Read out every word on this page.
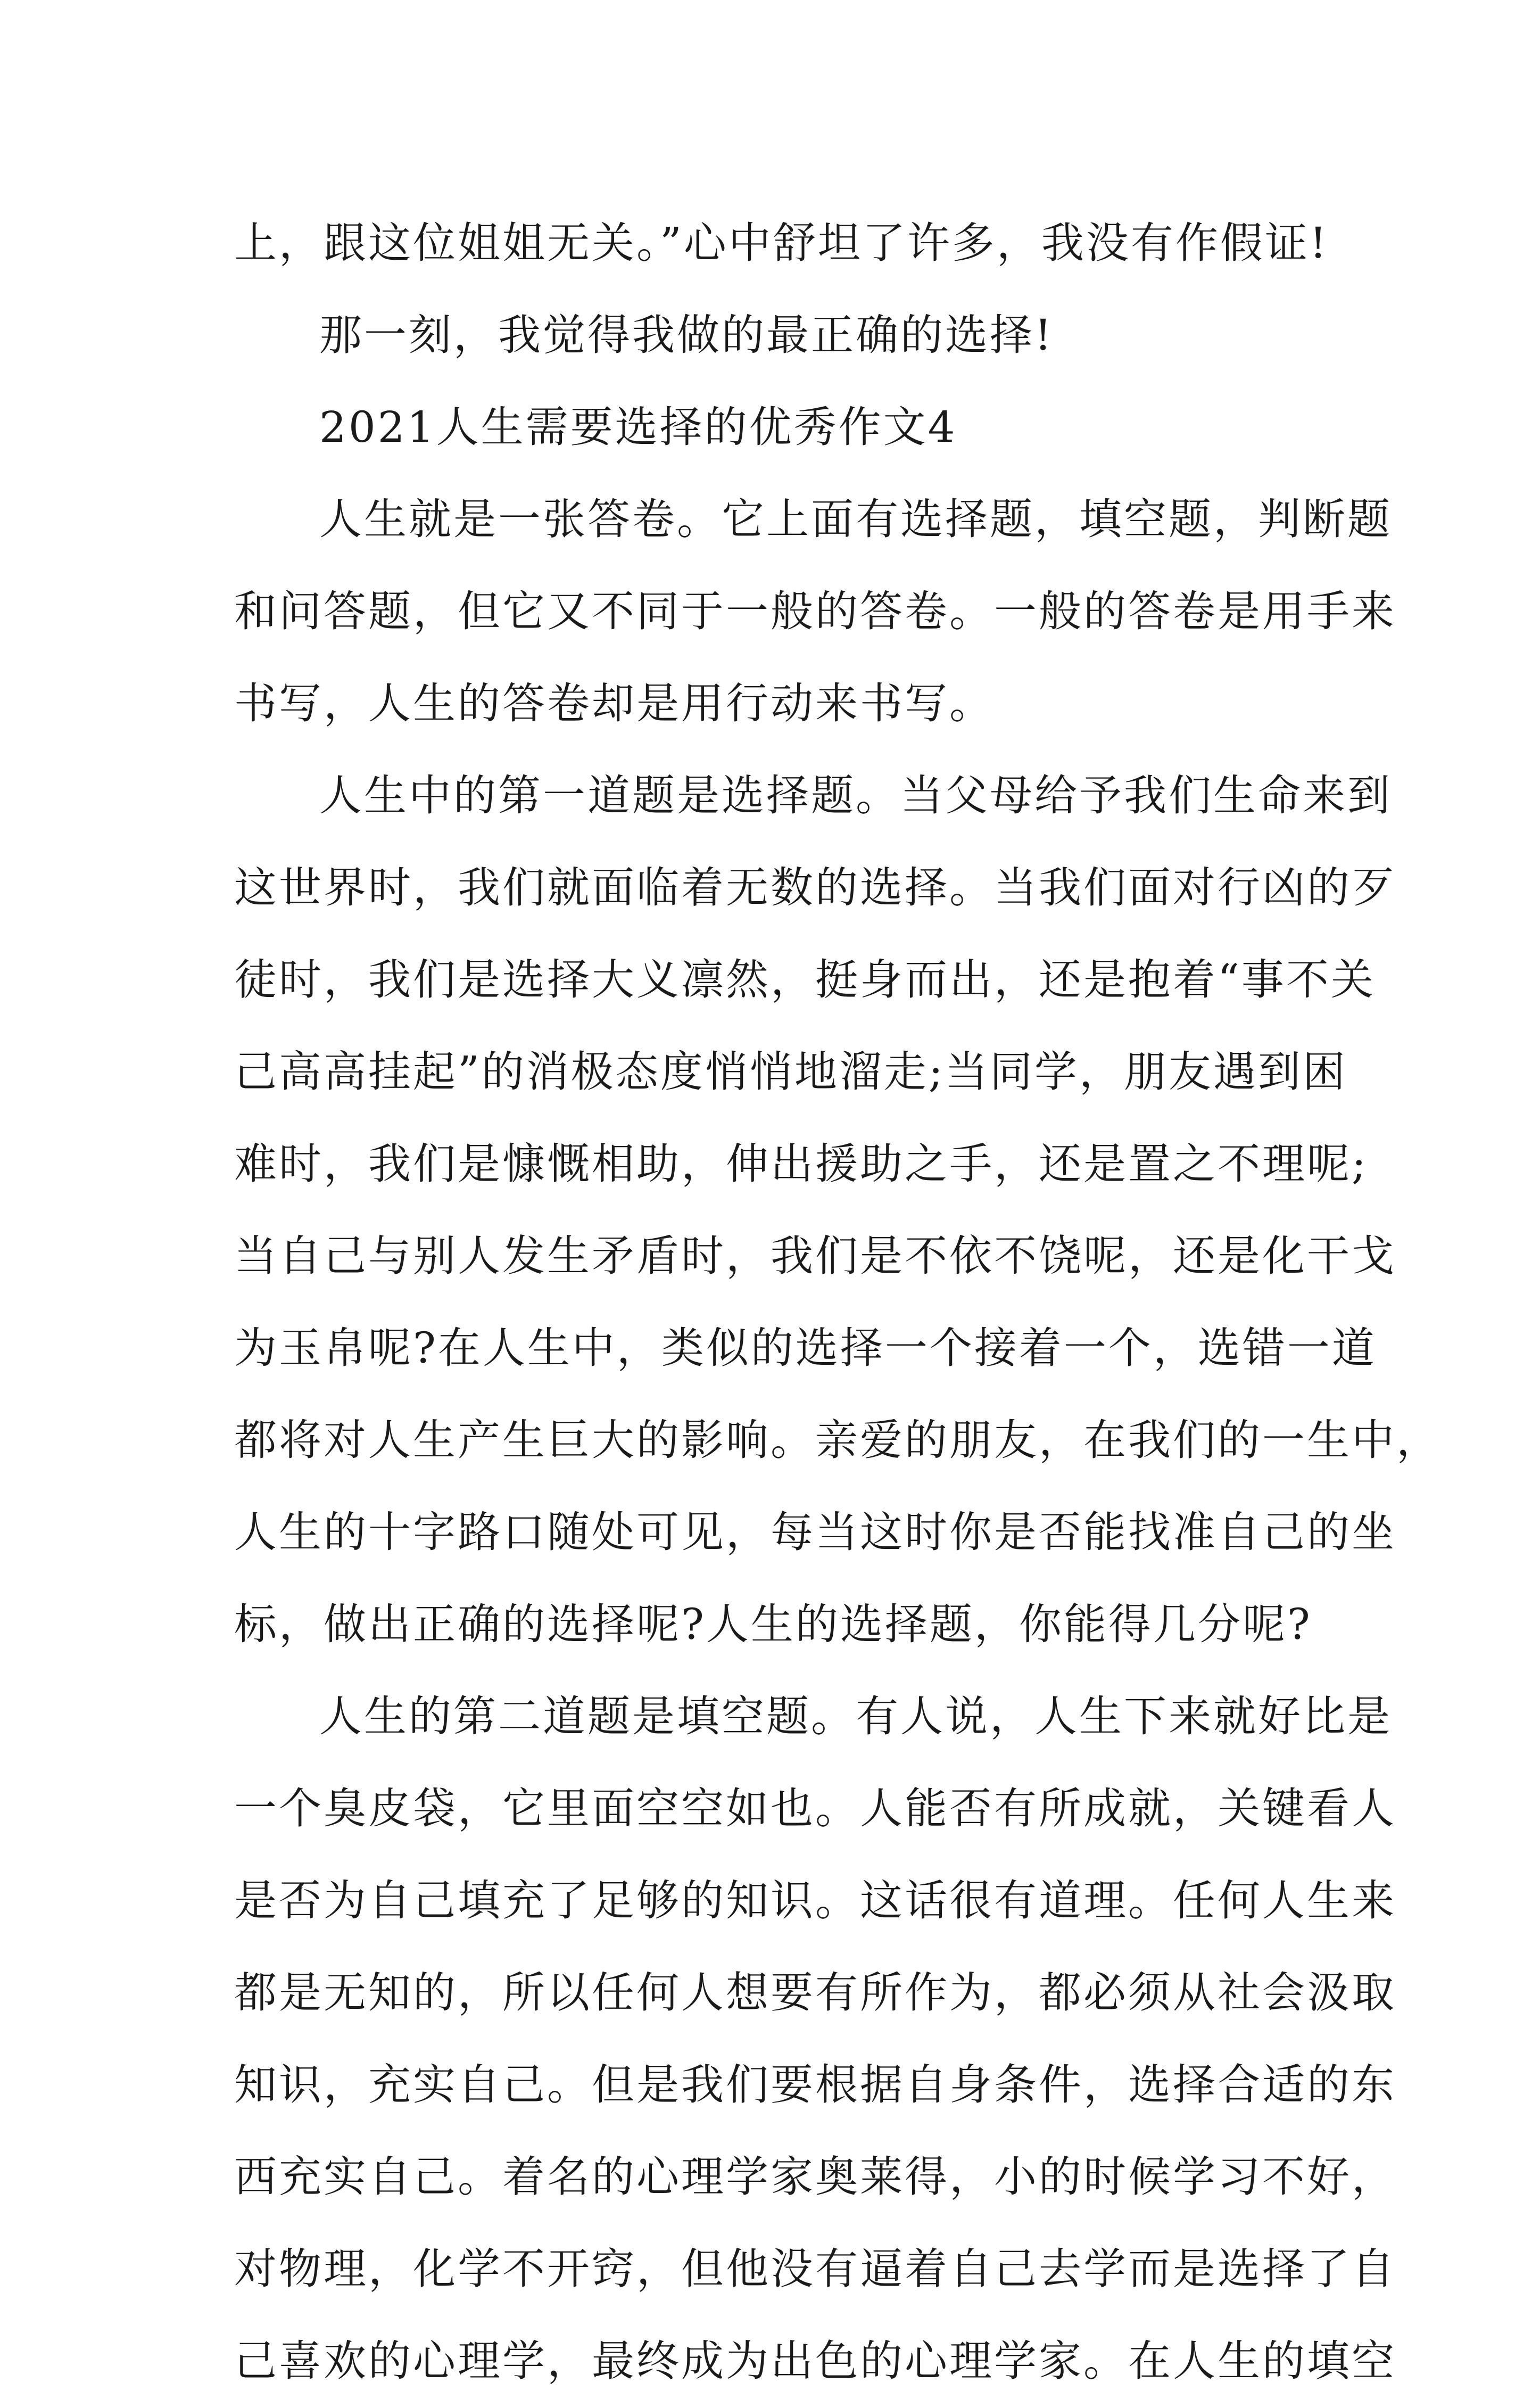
上，跟这位姐姐无关。”心中舒坦了许多，我没有作假证!
那一刻，我觉得我做的最正确的选择!
2021人生需要选择的优秀作文4
人生就是一张答卷。它上面有选择题，填空题，判断题
和问答题，但它又不同于一般的答卷。一般的答卷是用手来
书写，人生的答卷却是用行动来书写。
人生中的第一道题是选择题。当父母给予我们生命来到
这世界时，我们就面临着无数的选择。当我们面对行凶的歹
徒时，我们是选择大义凛然，挺身而出，还是抱着“事不关
己高高挂起”的消极态度悄悄地溜走;当同学，朋友遇到困
难时，我们是慷慨相助，伸出援助之手，还是置之不理呢;
当自己与别人发生矛盾时，我们是不依不饶呢，还是化干戈
为玉帛呢?在人生中，类似的选择一个接着一个，选错一道
都将对人生产生巨大的影响。亲爱的朋友，在我们的一生中，
人生的十字路口随处可见，每当这时你是否能找准自己的坐
标，做出正确的选择呢?人生的选择题，你能得几分呢?
人生的第二道题是填空题。有人说，人生下来就好比是
一个臭皮袋，它里面空空如也。人能否有所成就，关键看人
是否为自己填充了足够的知识。这话很有道理。任何人生来
都是无知的，所以任何人想要有所作为，都必须从社会汲取
知识，充实自己。但是我们要根据自身条件，选择合适的东
西充实自己。着名的心理学家奥莱得，小的时候学习不好，
对物理，化学不开窍，但他没有逼着自己去学而是选择了自
己喜欢的心理学，最终成为出色的心理学家。在人生的填空
